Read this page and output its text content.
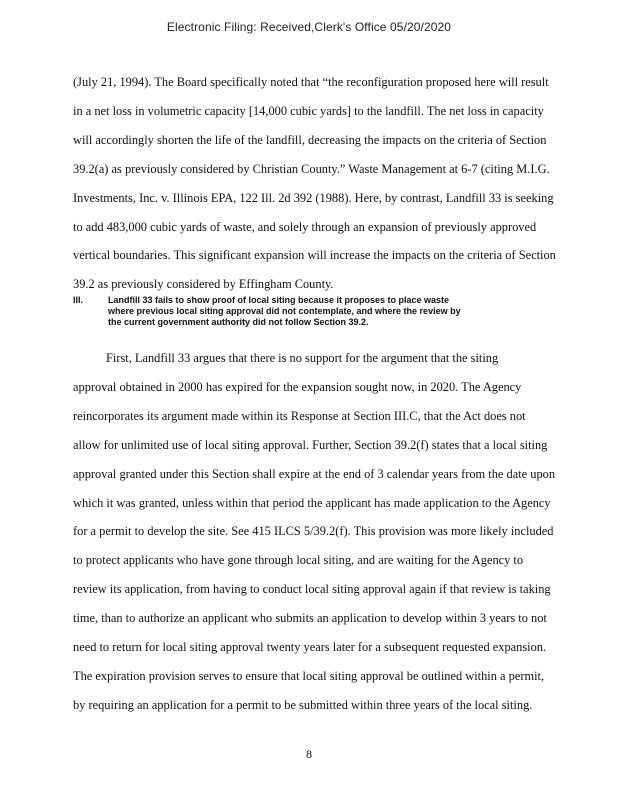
Electronic Filing: Received,Clerk's Office 05/20/2020
(July 21, 1994). The Board specifically noted that “the reconfiguration proposed here will result
in a net loss in volumetric capacity [14,000 cubic yards] to the landfill. The net loss in capacity
will accordingly shorten the life of the landfill, decreasing the impacts on the criteria of Section
39.2(a) as previously considered by Christian County.” Waste Management at 6-7 (citing M.I.G.
Investments, Inc. v. Illinois EPA, 122 Ill. 2d 392 (1988). Here, by contrast, Landfill 33 is seeking
to add 483,000 cubic yards of waste, and solely through an expansion of previously approved
vertical boundaries. This significant expansion will increase the impacts on the criteria of Section
39.2 as previously considered by Effingham County.
III.	Landfill 33 fails to show proof of local siting because it proposes to place waste
where previous local siting approval did not contemplate, and where the review by
the current government authority did not follow Section 39.2.
First, Landfill 33 argues that there is no support for the argument that the siting
approval obtained in 2000 has expired for the expansion sought now, in 2020. The Agency
reincorporates its argument made within its Response at Section III.C, that the Act does not
allow for unlimited use of local siting approval. Further, Section 39.2(f) states that a local siting
approval granted under this Section shall expire at the end of 3 calendar years from the date upon
which it was granted, unless within that period the applicant has made application to the Agency
for a permit to develop the site. See 415 ILCS 5/39.2(f). This provision was more likely included
to protect applicants who have gone through local siting, and are waiting for the Agency to
review its application, from having to conduct local siting approval again if that review is taking
time, than to authorize an applicant who submits an application to develop within 3 years to not
need to return for local siting approval twenty years later for a subsequent requested expansion.
The expiration provision serves to ensure that local siting approval be outlined within a permit,
by requiring an application for a permit to be submitted within three years of the local siting.
8
